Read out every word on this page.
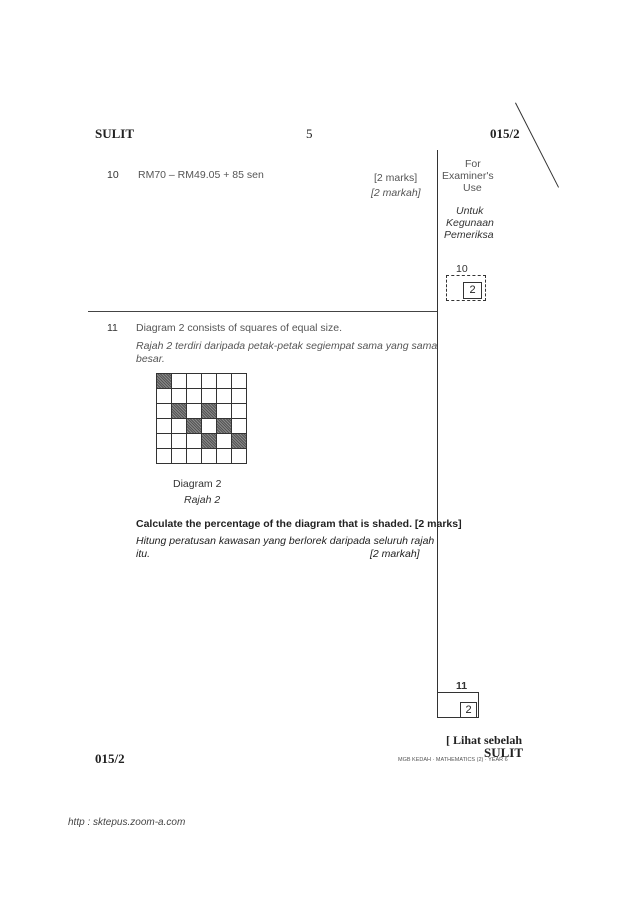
SULIT	5	015/2
For
Examiner's
Use
Untuk
Kegunaan
Pemeriksa
10 RM70 – RM49.05 + 85 sen	[2 marks]
[2 markah]
10
2
11 Diagram 2 consists of squares of equal size.
Rajah 2 terdiri daripada petak-petak segiempat sama yang sama
besar.
Diagram 2
Rajah 2
Calculate the percentage of the diagram that is shaded. [2 marks]
Hitung peratusan kawasan yang berlorek daripada seluruh rajah
itu.	[2 markah]
11
2
015/2
[ Lihat sebelah
SULIT
MGB KEDAH · MATHEMATICS (2) · YEAR 6
http : sktepus.zoom-a.com
